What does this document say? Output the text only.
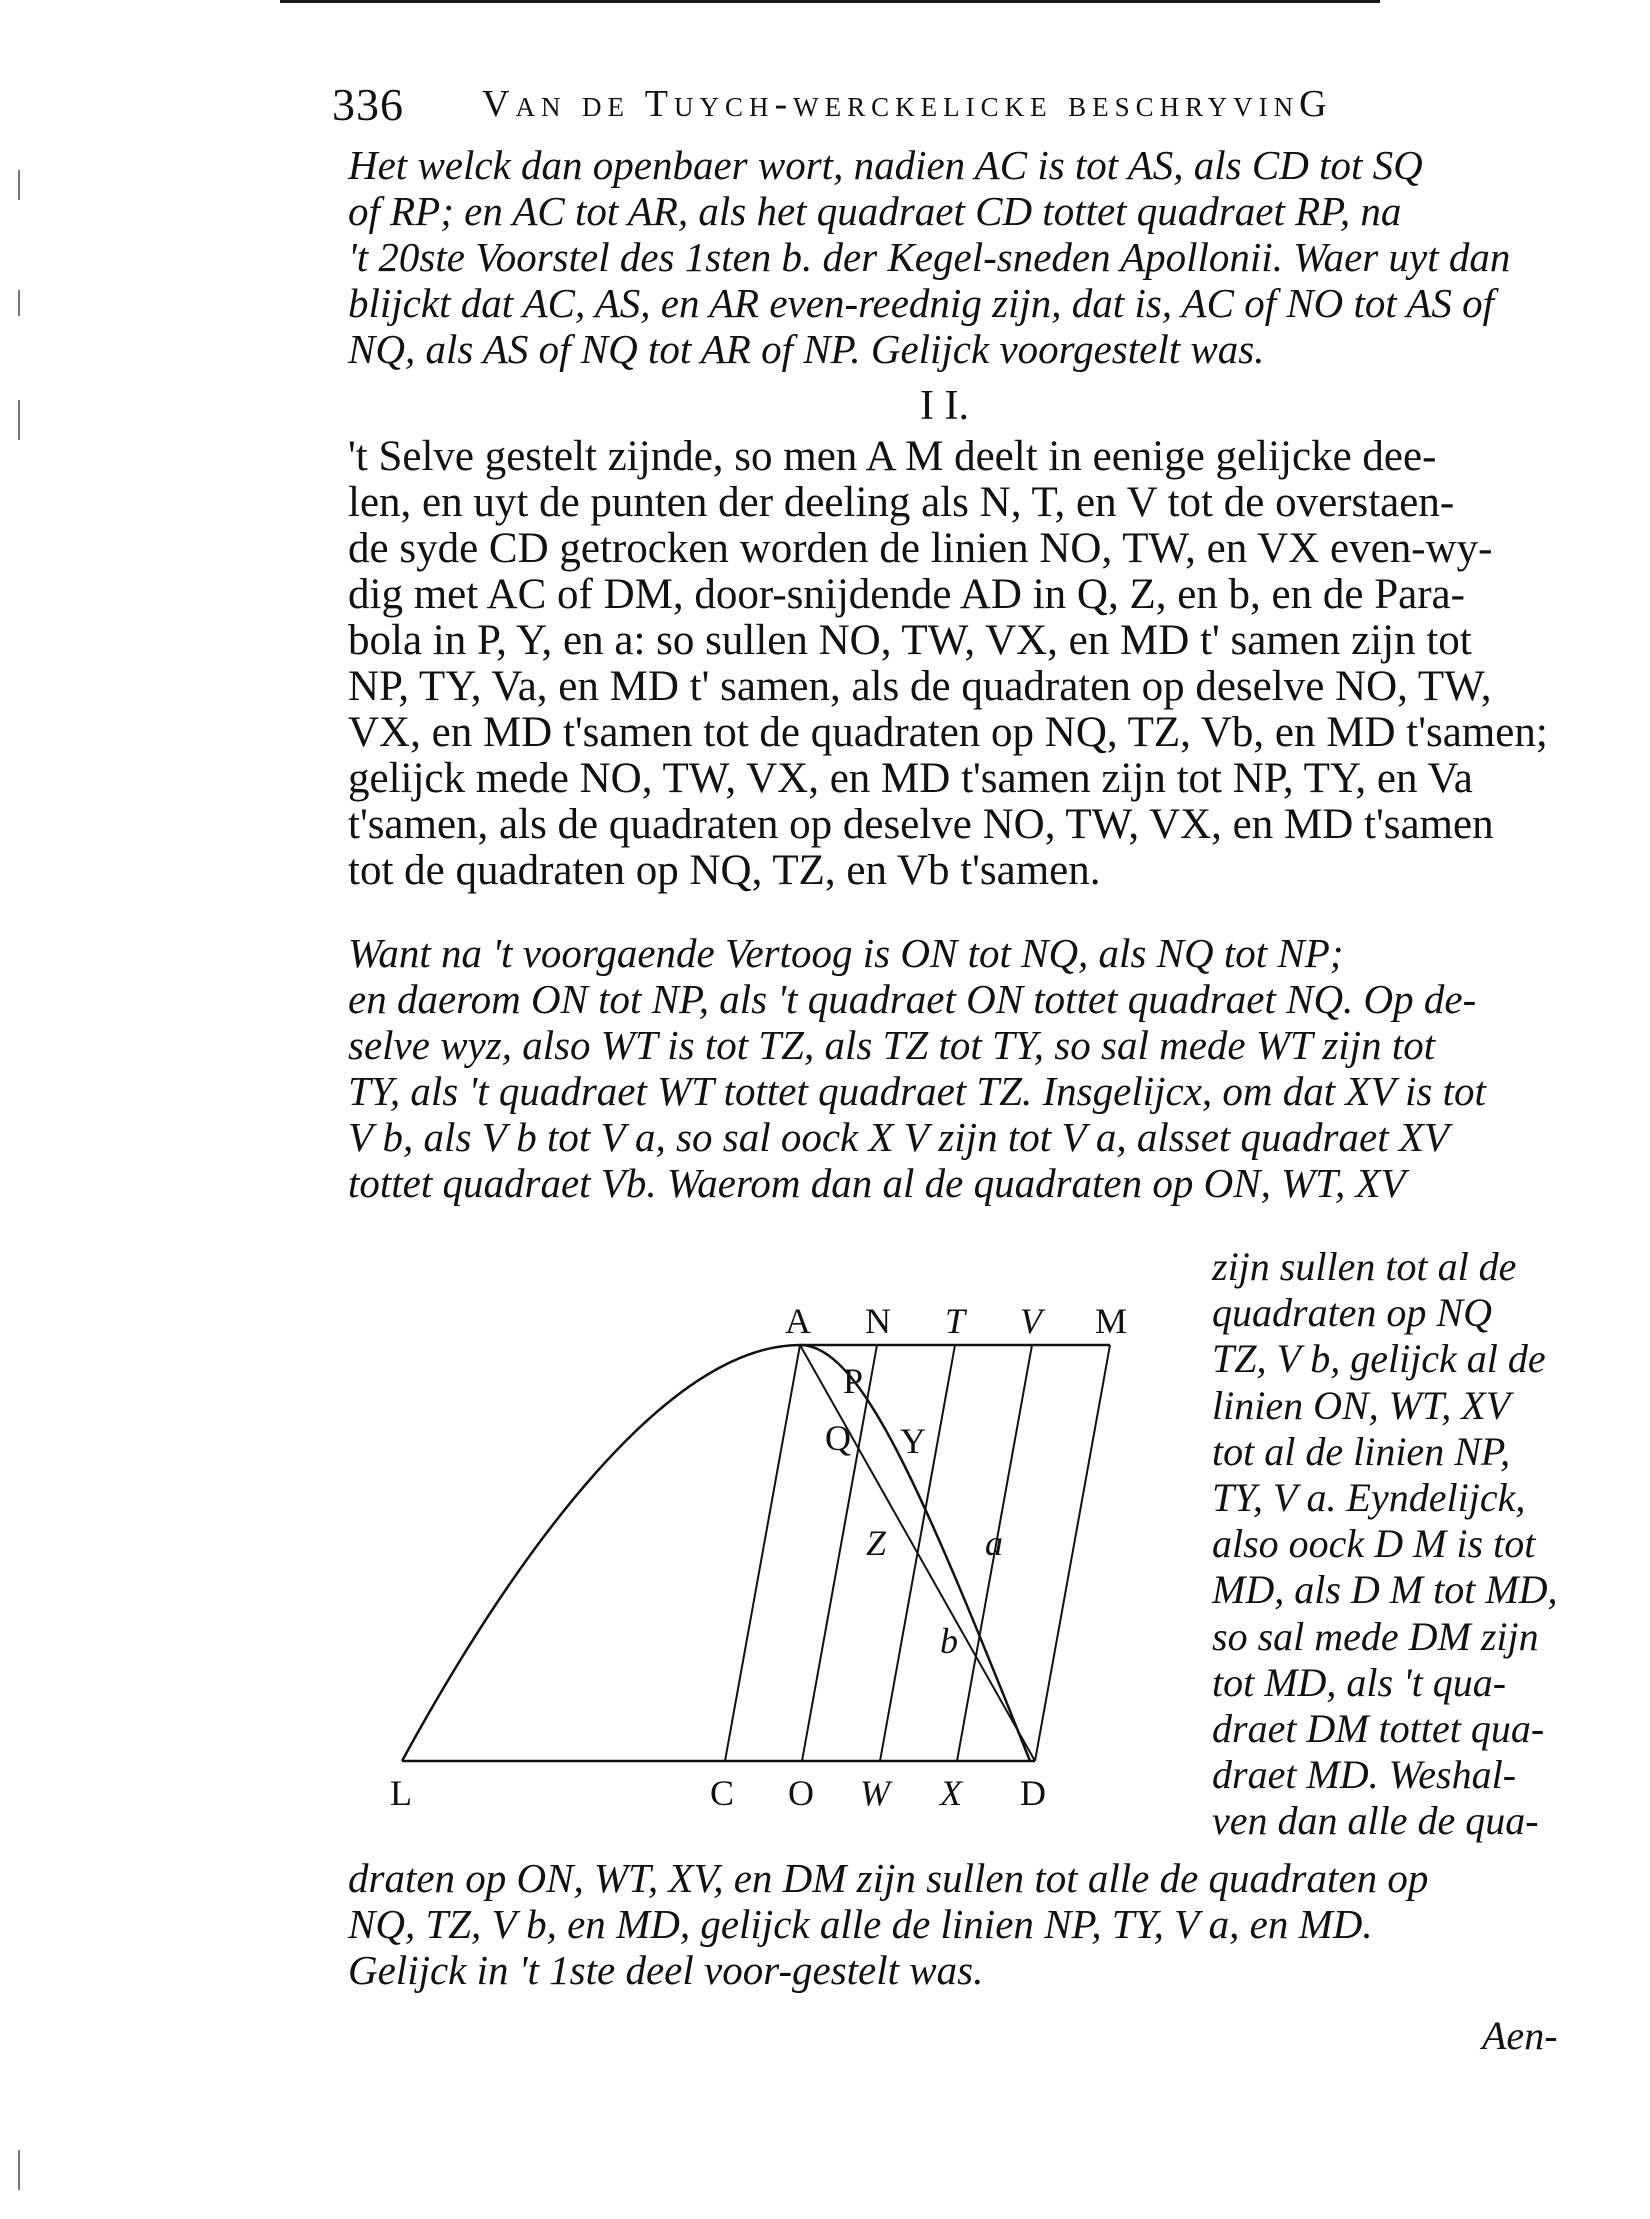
336 Van de Tuych-werckelicke beschryvinG
Het welck dan openbaer wort, nadien AC is tot AS, als CD tot SQ
of RP; en AC tot AR, als het quadraet CD tottet quadraet RP, na
't 20ste Voorstel des 1sten b. der Kegel-sneden Apollonii. Waer uyt dan
blijckt dat AC, AS, en AR even-reednig zijn, dat is, AC of NO tot AS of
NQ, als AS of NQ tot AR of NP. Gelijck voorgestelt was.
I I.
't Selve gestelt zijnde, so men A M deelt in eenige gelijcke dee-
len, en uyt de punten der deeling als N, T, en V tot de overstaen-
de syde CD getrocken worden de linien NO, TW, en VX even-wy-
dig met AC of DM, door-snijdende AD in Q, Z, en b, en de Para-
bola in P, Y, en a: so sullen NO, TW, VX, en MD t' samen zijn tot
NP, TY, Va, en MD t' samen, als de quadraten op deselve NO, TW,
VX, en MD t'samen tot de quadraten op NQ, TZ, Vb, en MD t'samen;
gelijck mede NO, TW, VX, en MD t'samen zijn tot NP, TY, en Va
t'samen, als de quadraten op deselve NO, TW, VX, en MD t'samen
tot de quadraten op NQ, TZ, en Vb t'samen.
Want na 't voorgaende Vertoog is ON tot NQ, als NQ tot NP;
en daerom ON tot NP, als 't quadraet ON tottet quadraet NQ. Op de-
selve wyz, also WT is tot TZ, als TZ tot TY, so sal mede WT zijn tot
TY, als 't quadraet WT tottet quadraet TZ. Insgelijcx, om dat XV is tot
V b, als V b tot V a, so sal oock X V zijn tot V a, alsset quadraet XV
tottet quadraet Vb. Waerom dan al de quadraten op ON, WT, XV
zijn sullen tot al de
quadraten op NQ
TZ, V b, gelijck al de
linien ON, WT, XV
tot al de linien NP,
TY, V a. Eyndelijck,
also oock D M is tot
MD, als D M tot MD,
so sal mede DM zijn
tot MD, als 't qua-
draet DM tottet qua-
draet MD. Weshal-
ven dan alle de qua-
A N T V M
P
Q Y
Z	a
b
L	C O W X D
draten op ON, WT, XV, en DM zijn sullen tot alle de quadraten op
NQ, TZ, V b, en MD, gelijck alle de linien NP, TY, V a, en MD.
Gelijck in 't 1ste deel voor-gestelt was.
Aen-
